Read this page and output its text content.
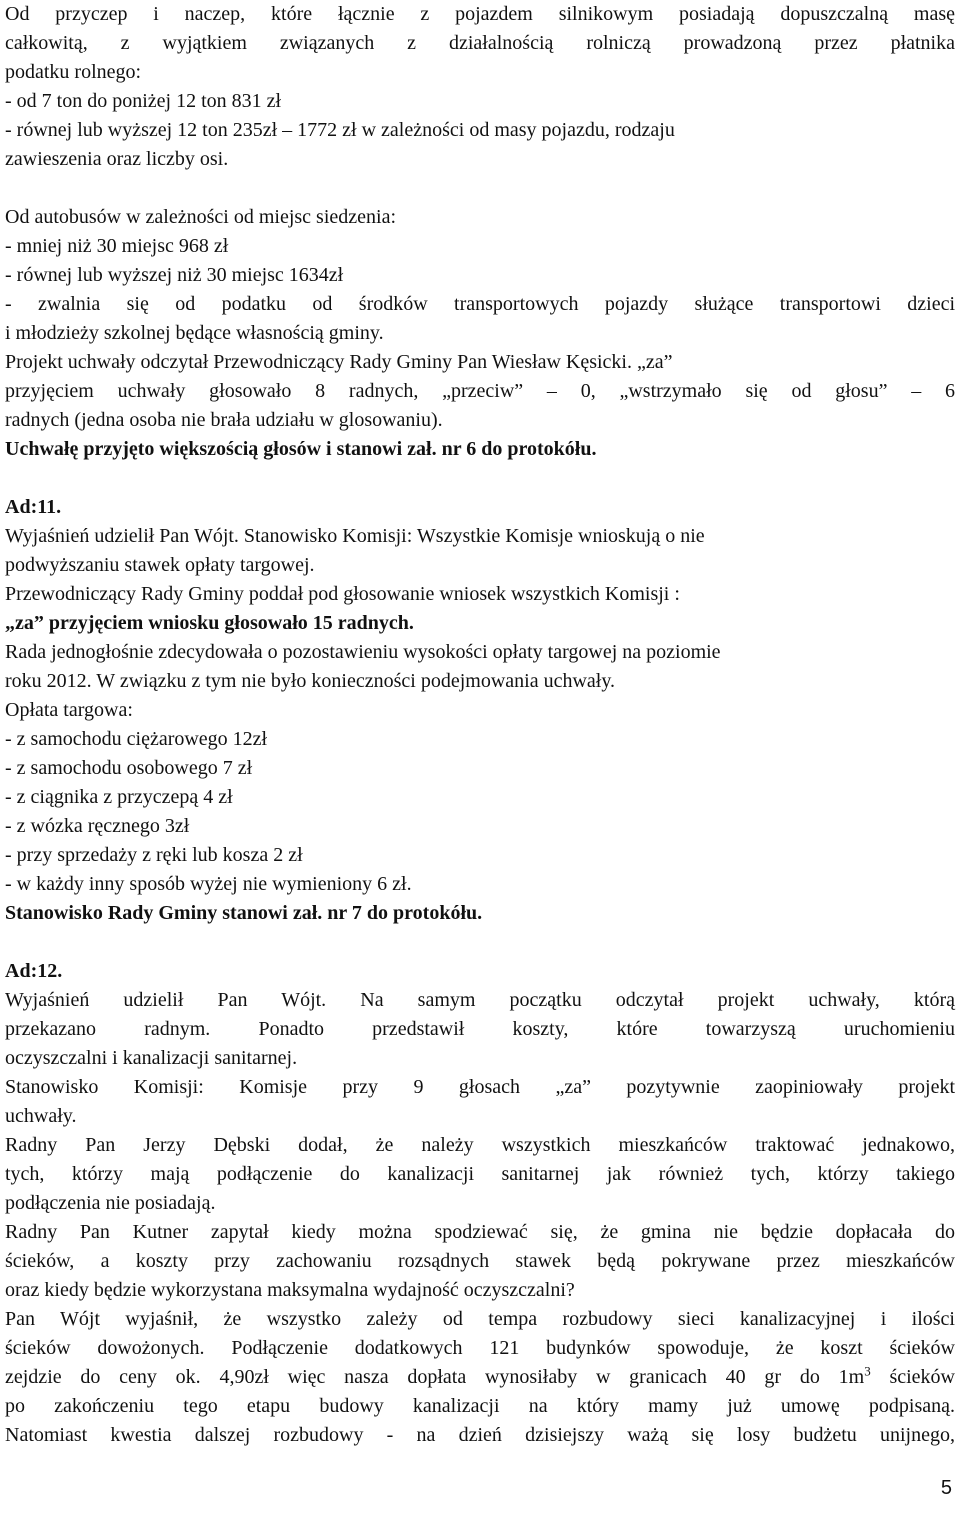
Od przyczep i naczep, które łącznie z pojazdem silnikowym posiadają dopuszczalną masę
całkowitą, z wyjątkiem związanych z działalnością rolniczą prowadzoną przez płatnika
podatku rolnego:
- od 7 ton do poniżej 12 ton 831 zł
- równej lub wyższej 12 ton 235zł – 1772 zł w zależności od masy pojazdu, rodzaju
zawieszenia oraz liczby osi.
Od autobusów w zależności od miejsc siedzenia:
- mniej niż 30 miejsc 968 zł
- równej lub wyższej niż 30 miejsc 1634zł
- zwalnia się od podatku od środków transportowych pojazdy służące transportowi dzieci
i młodzieży szkolnej będące własnością gminy.
Projekt uchwały odczytał Przewodniczący Rady Gminy Pan Wiesław Kęsicki. „za”
przyjęciem uchwały głosowało 8 radnych, „przeciw” – 0, „wstrzymało się od głosu” – 6
radnych (jedna osoba nie brała udziału w glosowaniu).
Uchwałę przyjęto większością głosów i stanowi zał. nr 6 do protokółu.
Ad:11.
Wyjaśnień udzielił Pan Wójt. Stanowisko Komisji: Wszystkie Komisje wnioskują o nie
podwyższaniu stawek opłaty targowej.
Przewodniczący Rady Gminy poddał pod głosowanie wniosek wszystkich Komisji :
„za” przyjęciem wniosku głosowało 15 radnych.
Rada jednogłośnie zdecydowała o pozostawieniu wysokości opłaty targowej na poziomie
roku 2012. W związku z tym nie było konieczności podejmowania uchwały.
Opłata targowa:
- z samochodu ciężarowego 12zł
- z samochodu osobowego 7 zł
- z ciągnika z przyczepą 4 zł
- z wózka ręcznego 3zł
- przy sprzedaży z ręki lub kosza 2 zł
- w każdy inny sposób wyżej nie wymieniony 6 zł.
Stanowisko Rady Gminy stanowi zał. nr 7 do protokółu.
Ad:12.
Wyjaśnień udzielił Pan Wójt. Na samym początku odczytał projekt uchwały, którą
przekazano radnym. Ponadto przedstawił koszty, które towarzyszą uruchomieniu
oczyszczalni i kanalizacji sanitarnej.
Stanowisko Komisji: Komisje przy 9 głosach „za” pozytywnie zaopiniowały projekt
uchwały.
Radny Pan Jerzy Dębski dodał, że należy wszystkich mieszkańców traktować jednakowo,
tych, którzy mają podłączenie do kanalizacji sanitarnej jak również tych, którzy takiego
podłączenia nie posiadają.
Radny Pan Kutner zapytał kiedy można spodziewać się, że gmina nie będzie dopłacała do
ścieków, a koszty przy zachowaniu rozsądnych stawek będą pokrywane przez mieszkańców
oraz kiedy będzie wykorzystana maksymalna wydajność oczyszczalni?
Pan Wójt wyjaśnił, że wszystko zależy od tempa rozbudowy sieci kanalizacyjnej i ilości
ścieków dowożonych. Podłączenie dodatkowych 121 budynków spowoduje, że koszt ścieków
zejdzie do ceny ok. 4,90zł więc nasza dopłata wynosiłaby w granicach 40 gr do $1m^3$ ścieków
po zakończeniu tego etapu budowy kanalizacji na który mamy już umowę podpisaną.
Natomiast kwestia dalszej rozbudowy - na dzień dzisiejszy ważą się losy budżetu unijnego,
5
